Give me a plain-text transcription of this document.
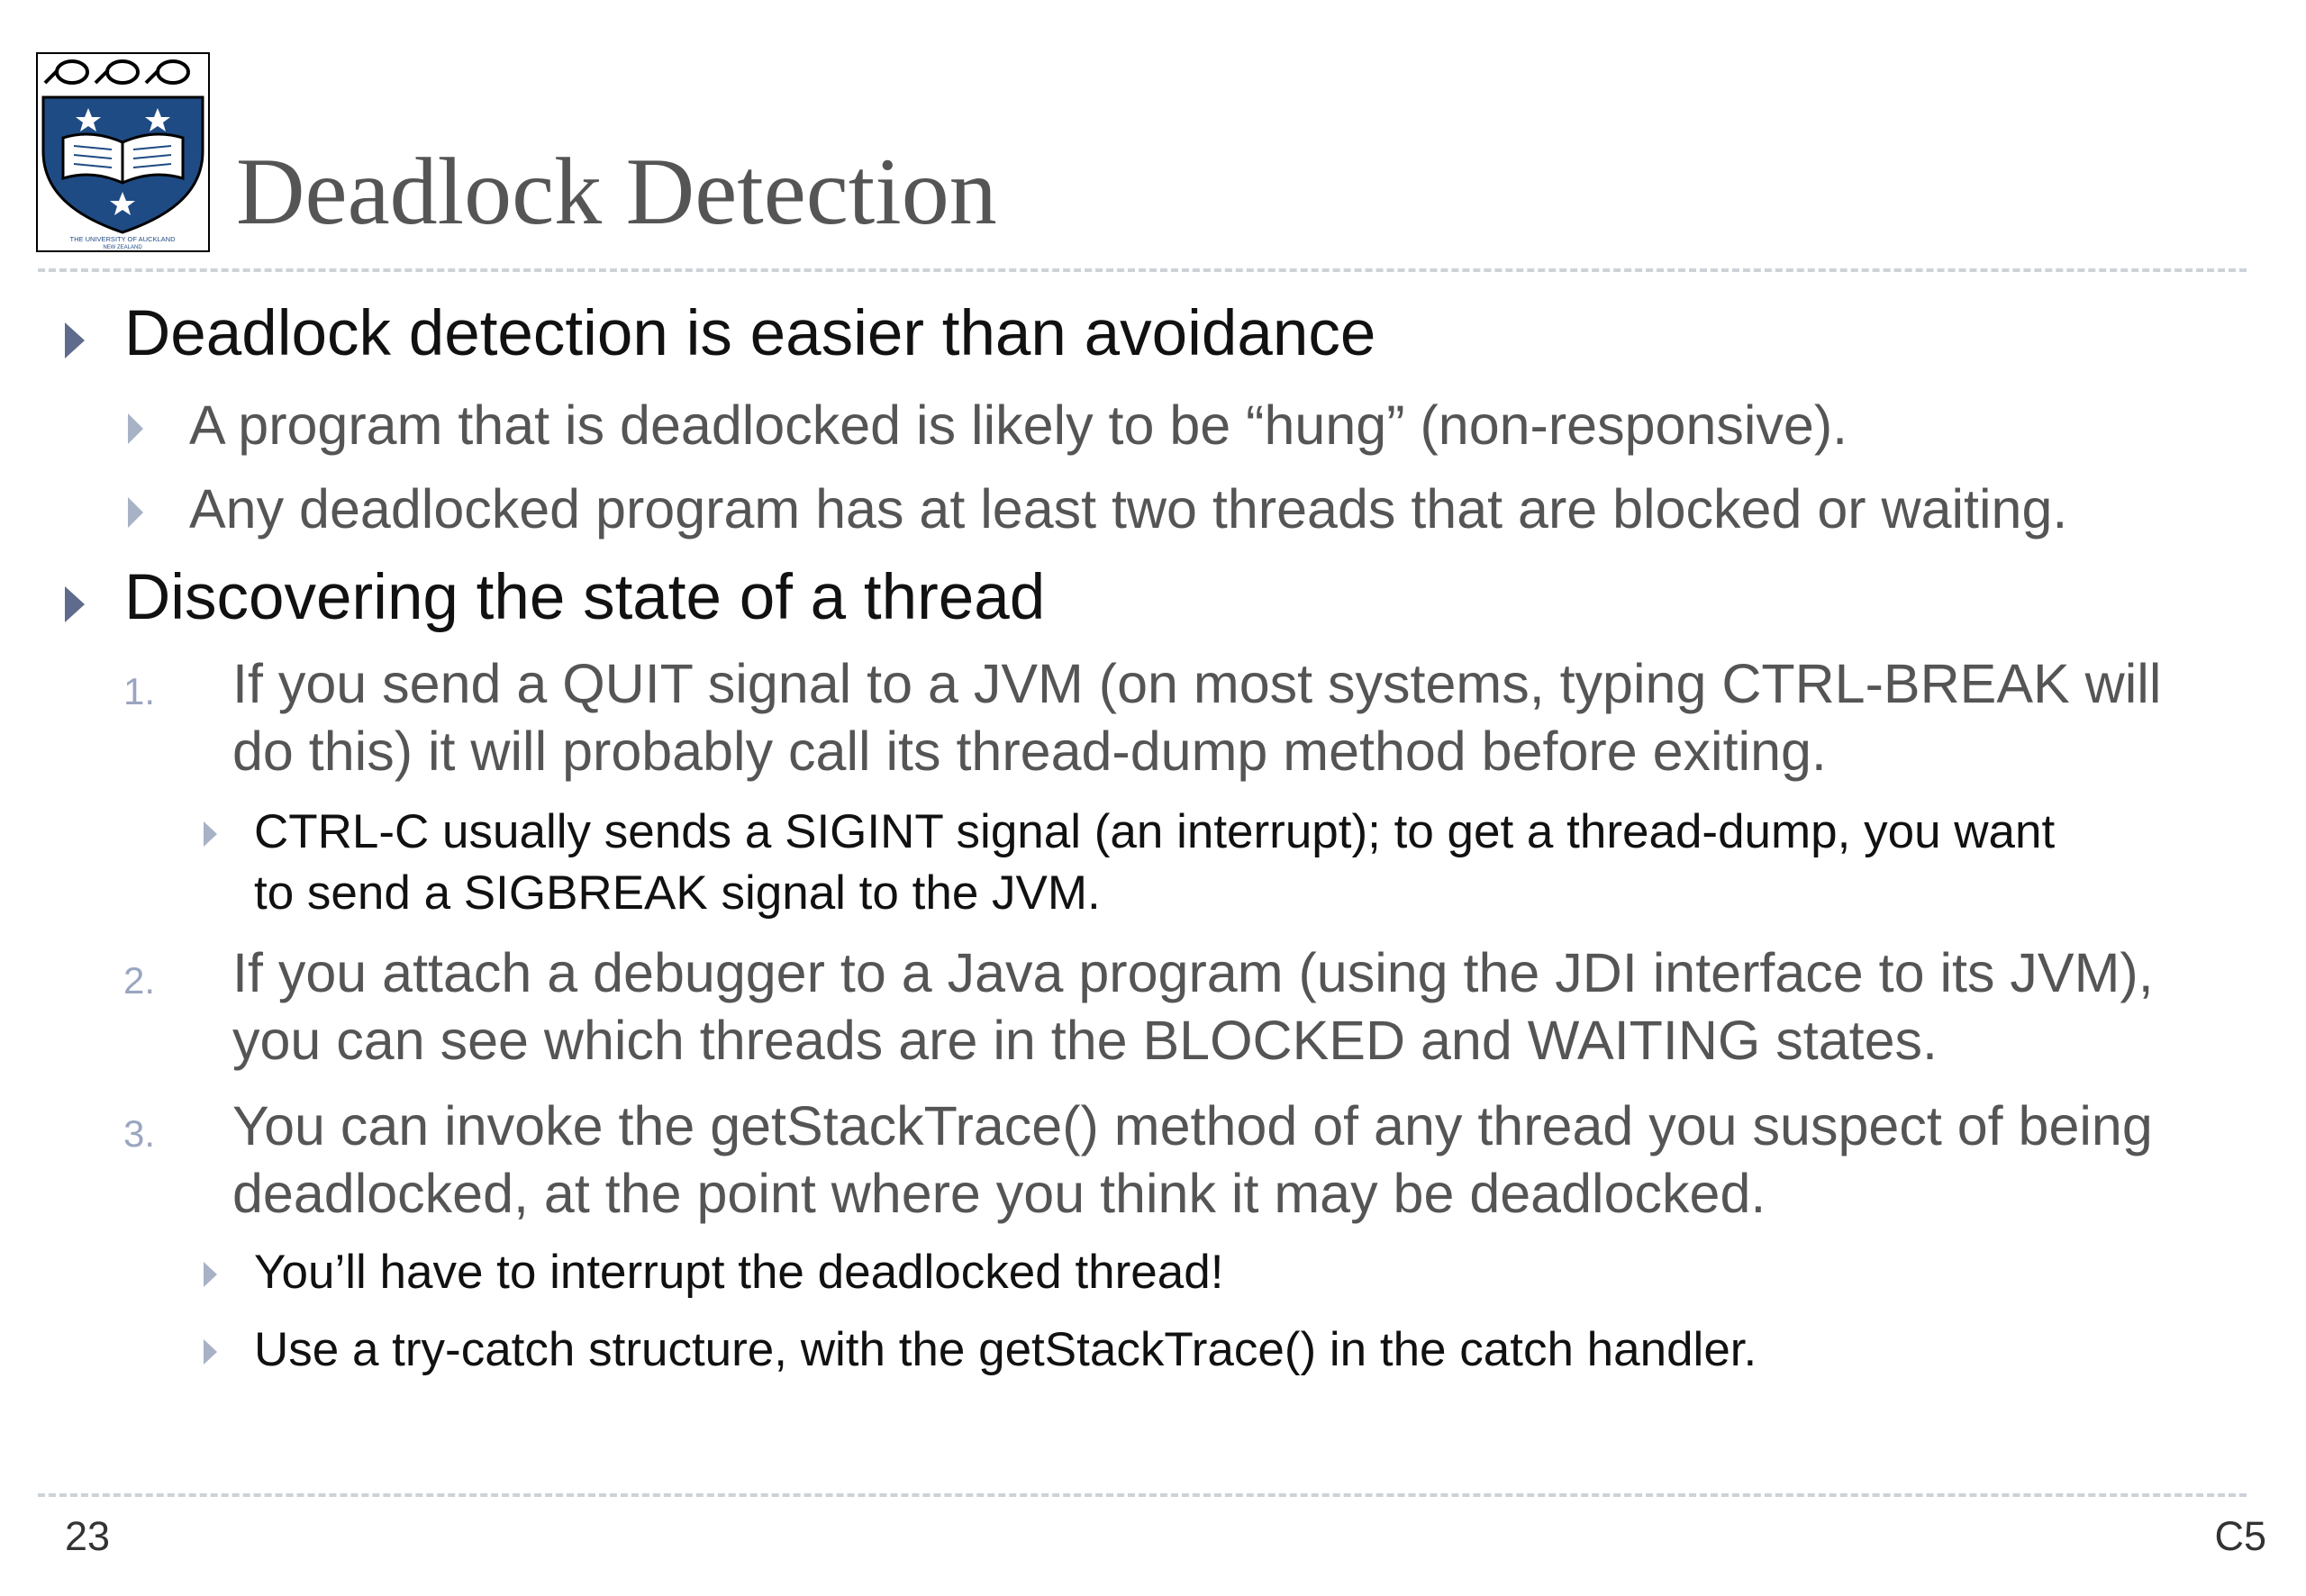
THE UNIVERSITY OF AUCKLAND
NEW ZEALAND
Deadlock Detection
Deadlock detection is easier than avoidance
A program that is deadlocked is likely to be “hung” (non-responsive).
Any deadlocked program has at least two threads that are blocked or waiting.
Discovering the state of a thread
1. If you send a QUIT signal to a JVM (on most systems, typing CTRL-BREAK will
do this) it will probably call its thread-dump method before exiting.
CTRL-C usually sends a SIGINT signal (an interrupt); to get a thread-dump, you want
to send a SIGBREAK signal to the JVM.
2. If you attach a debugger to a Java program (using the JDI interface to its JVM),
you can see which threads are in the BLOCKED and WAITING states.
3. You can invoke the getStackTrace() method of any thread you suspect of being
deadlocked, at the point where you think it may be deadlocked.
You’ll have to interrupt the deadlocked thread!
Use a try-catch structure, with the getStackTrace() in the catch handler.
23	C5
